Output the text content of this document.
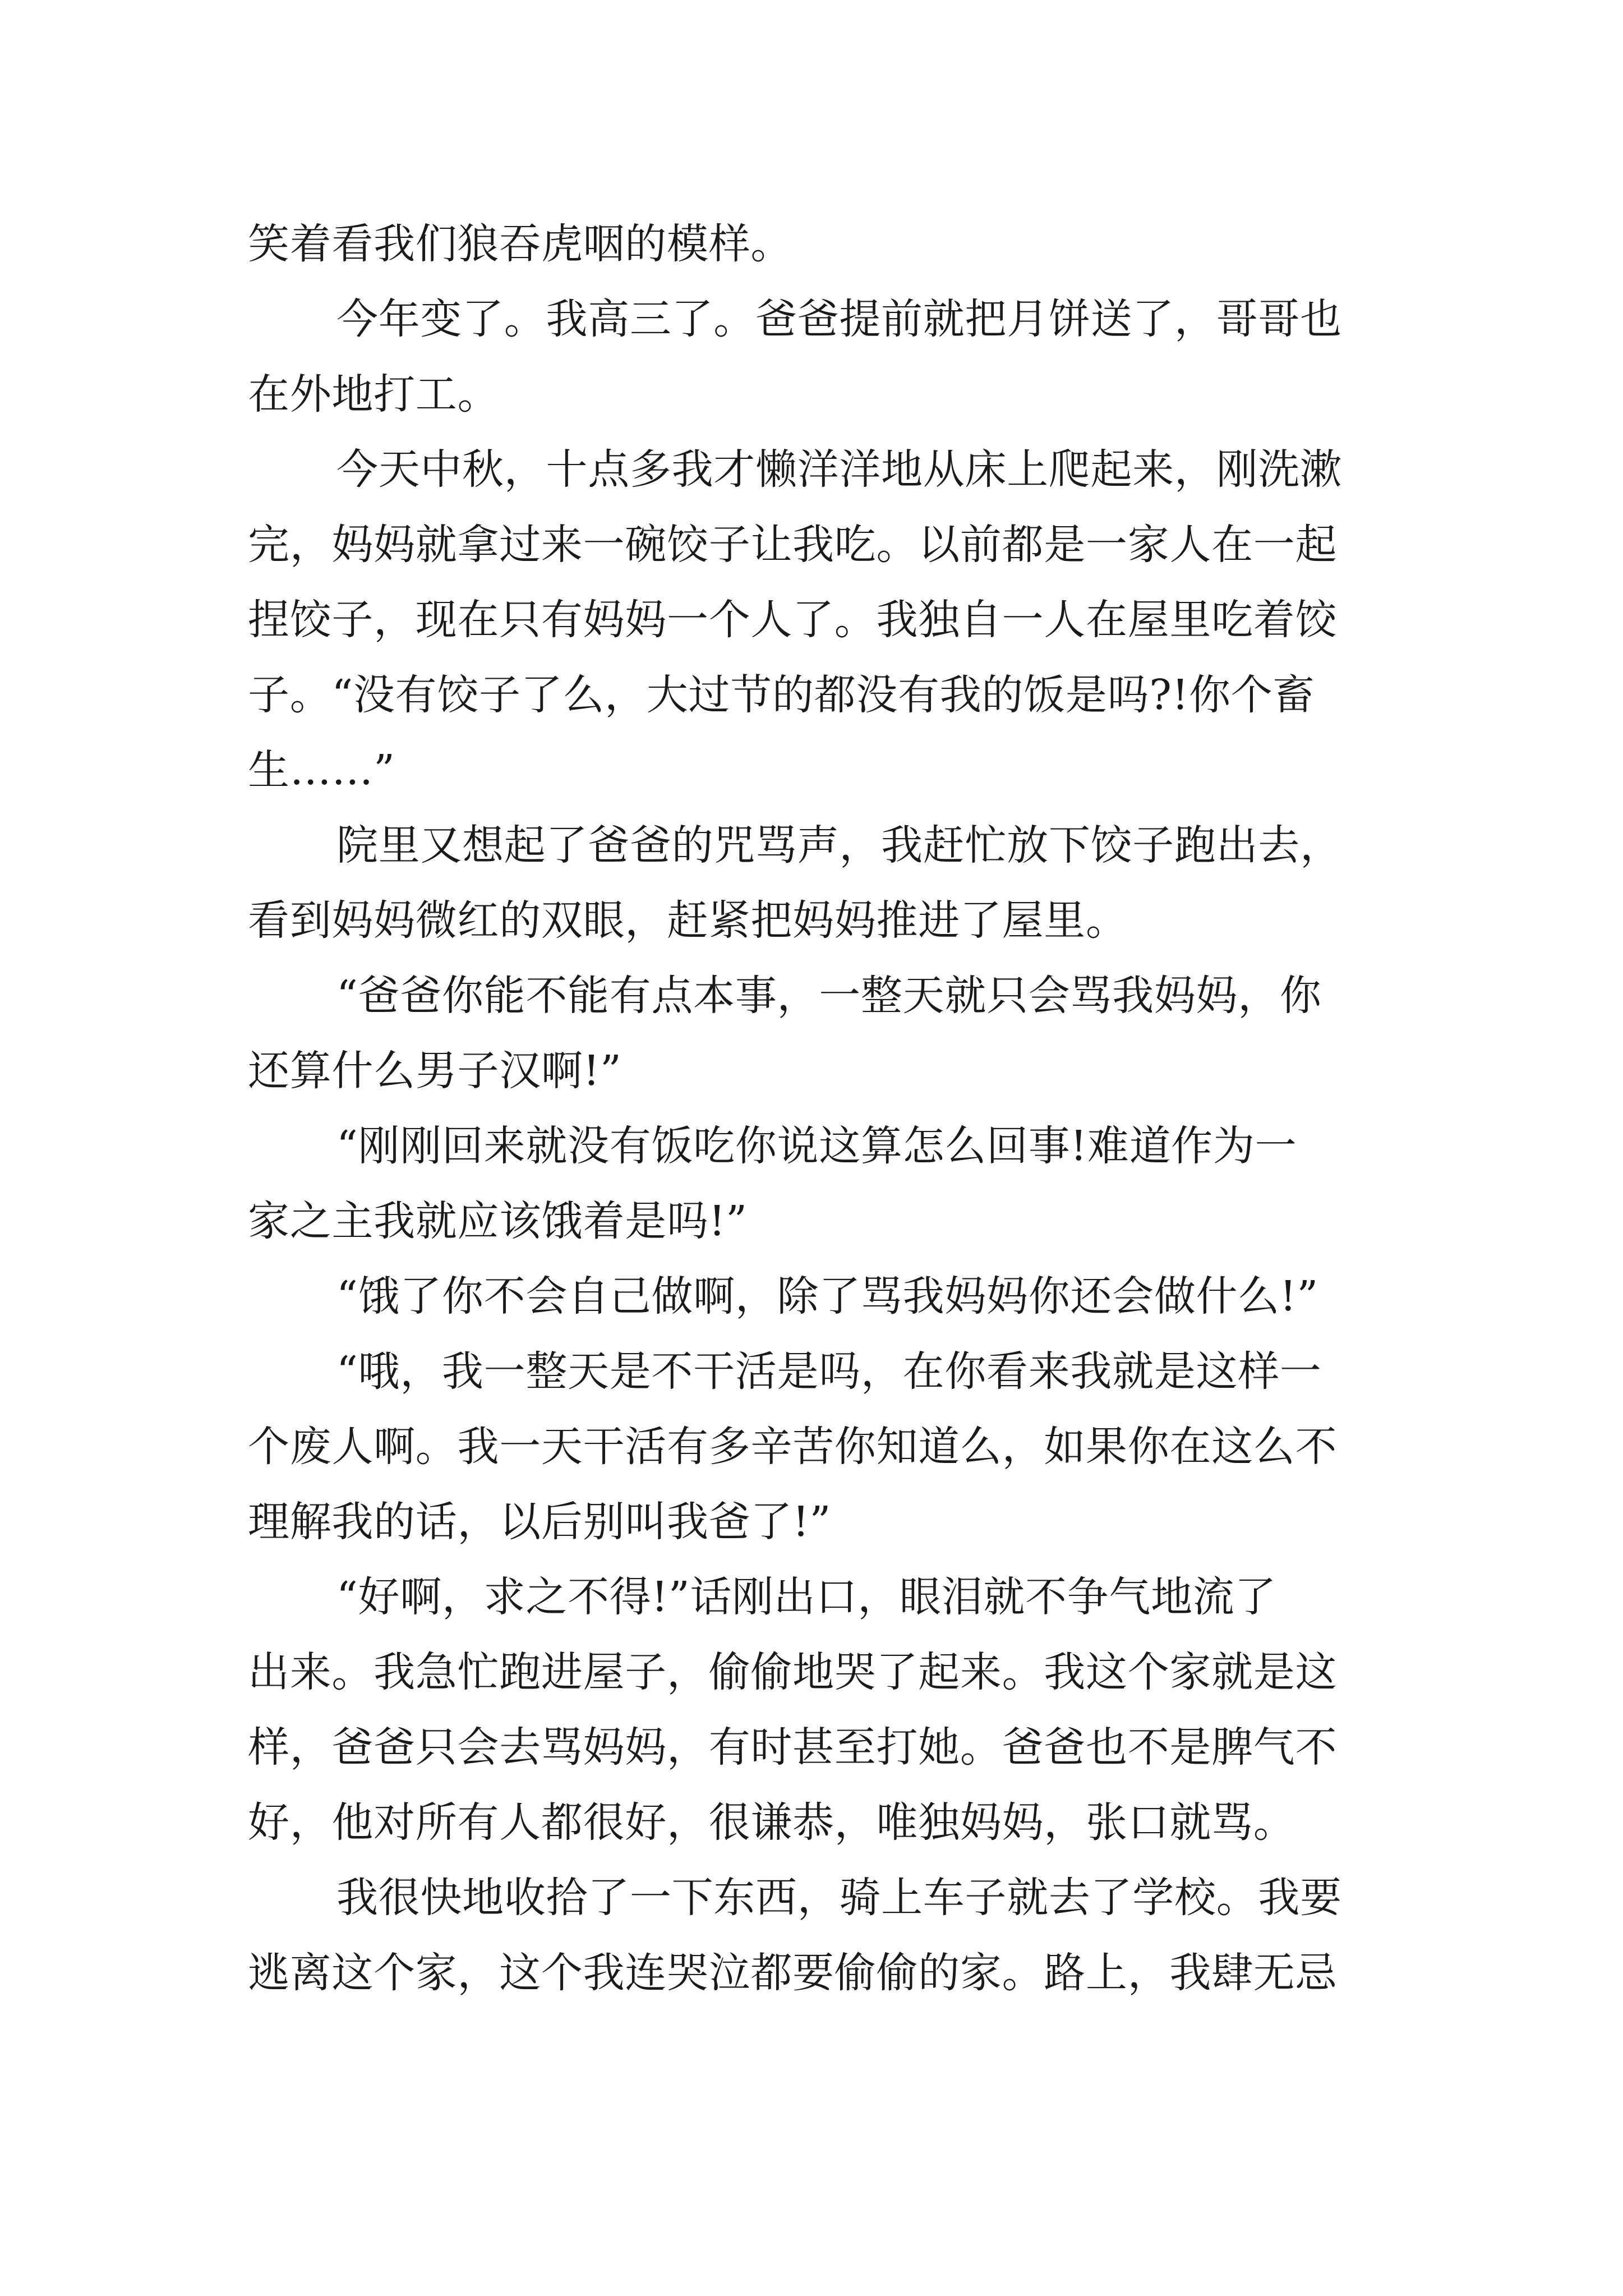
笑着看我们狼吞虎咽的模样。
今年变了。我高三了。爸爸提前就把月饼送了，哥哥也
在外地打工。
今天中秋，十点多我才懒洋洋地从床上爬起来，刚洗漱
完，妈妈就拿过来一碗饺子让我吃。以前都是一家人在一起
捏饺子，现在只有妈妈一个人了。我独自一人在屋里吃着饺
子。“没有饺子了么，大过节的都没有我的饭是吗?!你个畜
生……”
院里又想起了爸爸的咒骂声，我赶忙放下饺子跑出去，
看到妈妈微红的双眼，赶紧把妈妈推进了屋里。
“爸爸你能不能有点本事，一整天就只会骂我妈妈，你
还算什么男子汉啊!”
“刚刚回来就没有饭吃你说这算怎么回事!难道作为一
家之主我就应该饿着是吗!”
“饿了你不会自己做啊，除了骂我妈妈你还会做什么!”
“哦，我一整天是不干活是吗，在你看来我就是这样一
个废人啊。我一天干活有多辛苦你知道么，如果你在这么不
理解我的话，以后别叫我爸了!”
“好啊，求之不得!”话刚出口，眼泪就不争气地流了
出来。我急忙跑进屋子，偷偷地哭了起来。我这个家就是这
样，爸爸只会去骂妈妈，有时甚至打她。爸爸也不是脾气不
好，他对所有人都很好，很谦恭，唯独妈妈，张口就骂。
我很快地收拾了一下东西，骑上车子就去了学校。我要
逃离这个家，这个我连哭泣都要偷偷的家。路上，我肆无忌
